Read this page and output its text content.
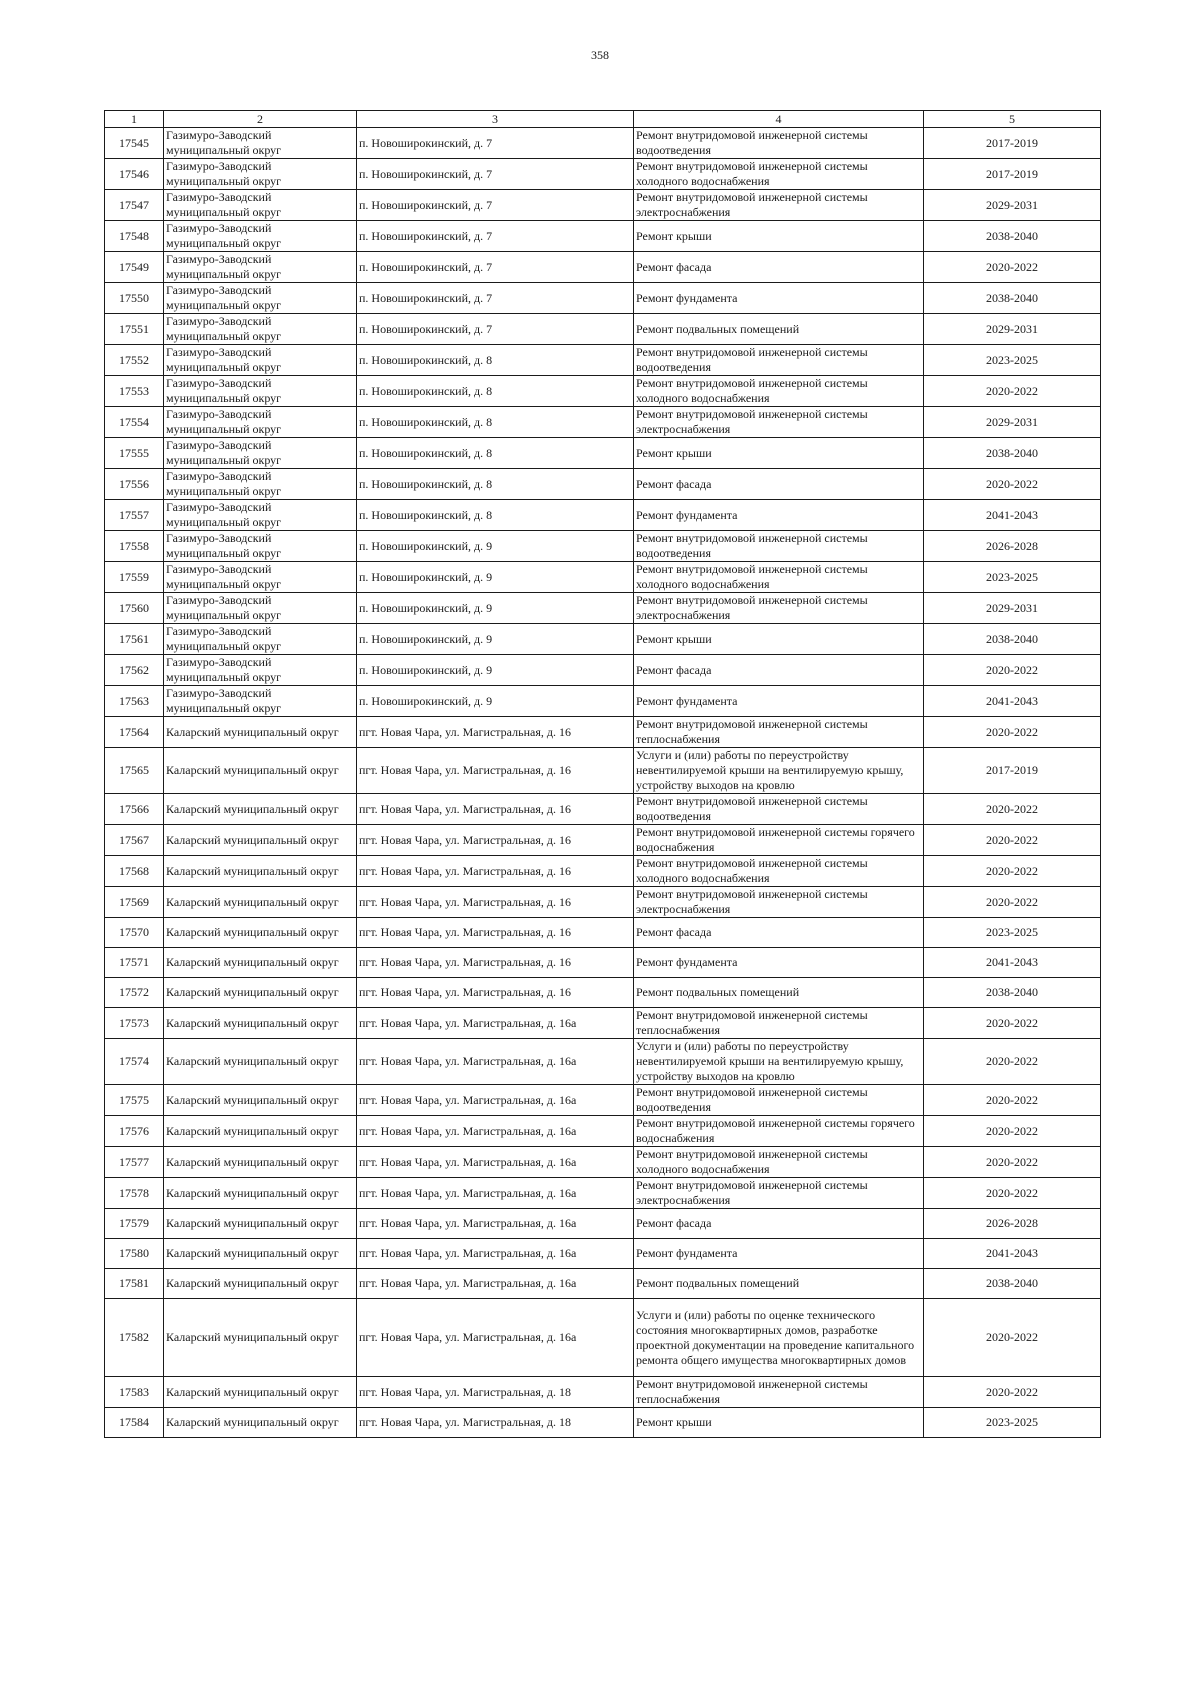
358
1	2	3	4	5
17545	Газимуро-Заводский муниципальный округ	п. Новоширокинский, д. 7	Ремонт внутридомовой инженерной системы водоотведения	2017-2019
17546	Газимуро-Заводский муниципальный округ	п. Новоширокинский, д. 7	Ремонт внутридомовой инженерной системы холодного водоснабжения	2017-2019
17547	Газимуро-Заводский муниципальный округ	п. Новоширокинский, д. 7	Ремонт внутридомовой инженерной системы электроснабжения	2029-2031
17548	Газимуро-Заводский муниципальный округ	п. Новоширокинский, д. 7	Ремонт крыши	2038-2040
17549	Газимуро-Заводский муниципальный округ	п. Новоширокинский, д. 7	Ремонт фасада	2020-2022
17550	Газимуро-Заводский муниципальный округ	п. Новоширокинский, д. 7	Ремонт фундамента	2038-2040
17551	Газимуро-Заводский муниципальный округ	п. Новоширокинский, д. 7	Ремонт подвальных помещений	2029-2031
17552	Газимуро-Заводский муниципальный округ	п. Новоширокинский, д. 8	Ремонт внутридомовой инженерной системы водоотведения	2023-2025
17553	Газимуро-Заводский муниципальный округ	п. Новоширокинский, д. 8	Ремонт внутридомовой инженерной системы холодного водоснабжения	2020-2022
17554	Газимуро-Заводский муниципальный округ	п. Новоширокинский, д. 8	Ремонт внутридомовой инженерной системы электроснабжения	2029-2031
17555	Газимуро-Заводский муниципальный округ	п. Новоширокинский, д. 8	Ремонт крыши	2038-2040
17556	Газимуро-Заводский муниципальный округ	п. Новоширокинский, д. 8	Ремонт фасада	2020-2022
17557	Газимуро-Заводский муниципальный округ	п. Новоширокинский, д. 8	Ремонт фундамента	2041-2043
17558	Газимуро-Заводский муниципальный округ	п. Новоширокинский, д. 9	Ремонт внутридомовой инженерной системы водоотведения	2026-2028
17559	Газимуро-Заводский муниципальный округ	п. Новоширокинский, д. 9	Ремонт внутридомовой инженерной системы холодного водоснабжения	2023-2025
17560	Газимуро-Заводский муниципальный округ	п. Новоширокинский, д. 9	Ремонт внутридомовой инженерной системы электроснабжения	2029-2031
17561	Газимуро-Заводский муниципальный округ	п. Новоширокинский, д. 9	Ремонт крыши	2038-2040
17562	Газимуро-Заводский муниципальный округ	п. Новоширокинский, д. 9	Ремонт фасада	2020-2022
17563	Газимуро-Заводский муниципальный округ	п. Новоширокинский, д. 9	Ремонт фундамента	2041-2043
17564	Каларский муниципальный округ	пгт. Новая Чара, ул. Магистральная, д. 16	Ремонт внутридомовой инженерной системы теплоснабжения	2020-2022
17565	Каларский муниципальный округ	пгт. Новая Чара, ул. Магистральная, д. 16	Услуги и (или) работы по переустройству невентилируемой крыши на вентилируемую крышу, устройству выходов на кровлю	2017-2019
17566	Каларский муниципальный округ	пгт. Новая Чара, ул. Магистральная, д. 16	Ремонт внутридомовой инженерной системы водоотведения	2020-2022
17567	Каларский муниципальный округ	пгт. Новая Чара, ул. Магистральная, д. 16	Ремонт внутридомовой инженерной системы горячего водоснабжения	2020-2022
17568	Каларский муниципальный округ	пгт. Новая Чара, ул. Магистральная, д. 16	Ремонт внутридомовой инженерной системы холодного водоснабжения	2020-2022
17569	Каларский муниципальный округ	пгт. Новая Чара, ул. Магистральная, д. 16	Ремонт внутридомовой инженерной системы электроснабжения	2020-2022
17570	Каларский муниципальный округ	пгт. Новая Чара, ул. Магистральная, д. 16	Ремонт фасада	2023-2025
17571	Каларский муниципальный округ	пгт. Новая Чара, ул. Магистральная, д. 16	Ремонт фундамента	2041-2043
17572	Каларский муниципальный округ	пгт. Новая Чара, ул. Магистральная, д. 16	Ремонт подвальных помещений	2038-2040
17573	Каларский муниципальный округ	пгт. Новая Чара, ул. Магистральная, д. 16а	Ремонт внутридомовой инженерной системы теплоснабжения	2020-2022
17574	Каларский муниципальный округ	пгт. Новая Чара, ул. Магистральная, д. 16а	Услуги и (или) работы по переустройству невентилируемой крыши на вентилируемую крышу, устройству выходов на кровлю	2020-2022
17575	Каларский муниципальный округ	пгт. Новая Чара, ул. Магистральная, д. 16а	Ремонт внутридомовой инженерной системы водоотведения	2020-2022
17576	Каларский муниципальный округ	пгт. Новая Чара, ул. Магистральная, д. 16а	Ремонт внутридомовой инженерной системы горячего водоснабжения	2020-2022
17577	Каларский муниципальный округ	пгт. Новая Чара, ул. Магистральная, д. 16а	Ремонт внутридомовой инженерной системы холодного водоснабжения	2020-2022
17578	Каларский муниципальный округ	пгт. Новая Чара, ул. Магистральная, д. 16а	Ремонт внутридомовой инженерной системы электроснабжения	2020-2022
17579	Каларский муниципальный округ	пгт. Новая Чара, ул. Магистральная, д. 16а	Ремонт фасада	2026-2028
17580	Каларский муниципальный округ	пгт. Новая Чара, ул. Магистральная, д. 16а	Ремонт фундамента	2041-2043
17581	Каларский муниципальный округ	пгт. Новая Чара, ул. Магистральная, д. 16а	Ремонт подвальных помещений	2038-2040
17582	Каларский муниципальный округ	пгт. Новая Чара, ул. Магистральная, д. 16а	Услуги и (или) работы по оценке технического состояния многоквартирных домов, разработке проектной документации на проведение капитального ремонта общего имущества многоквартирных домов	2020-2022
17583	Каларский муниципальный округ	пгт. Новая Чара, ул. Магистральная, д. 18	Ремонт внутридомовой инженерной системы теплоснабжения	2020-2022
17584	Каларский муниципальный округ	пгт. Новая Чара, ул. Магистральная, д. 18	Ремонт крыши	2023-2025
